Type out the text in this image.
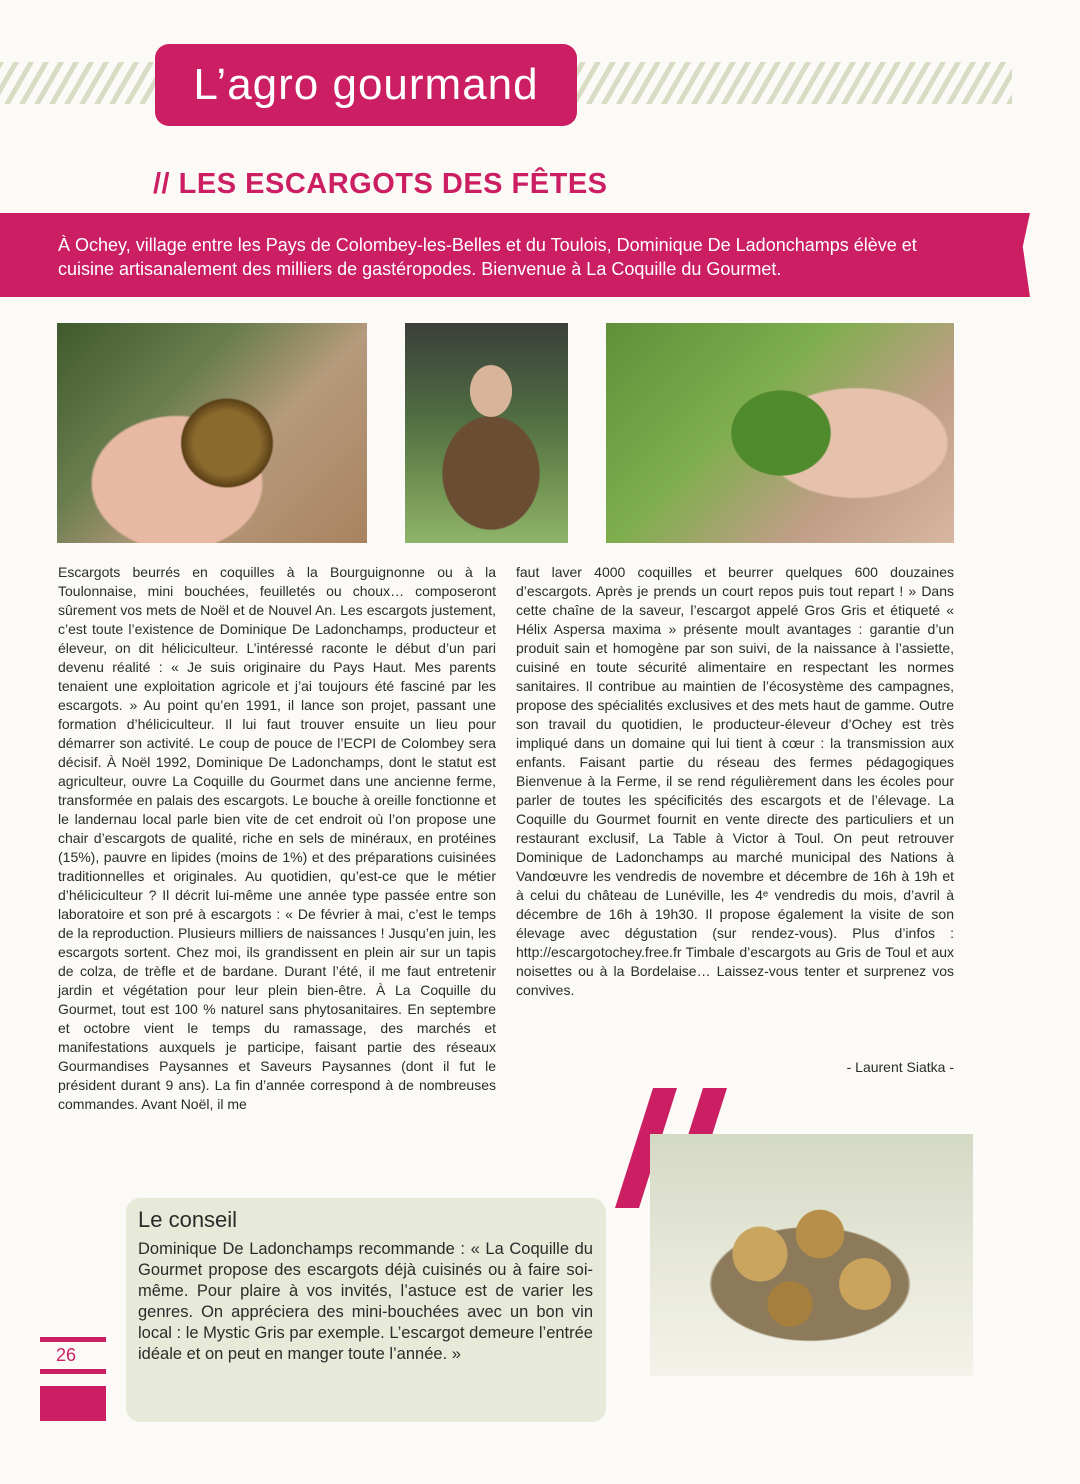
L’agro gourmand
// LES ESCARGOTS DES FÊTES
À Ochey, village entre les Pays de Colombey-les-Belles et du Toulois, Dominique De Ladonchamps élève et cuisine artisanalement des milliers de gastéropodes. Bienvenue à La Coquille du Gourmet.
Escargots beurrés en coquilles à la Bourguignonne ou à la Toulonnaise, mini bouchées, feuilletés ou choux… composeront sûrement vos mets de Noël et de Nouvel An. Les escargots justement, c’est toute l’existence de Dominique De Ladonchamps, producteur et éleveur, on dit héliciculteur. L’intéressé raconte le début d’un pari devenu réalité : « Je suis originaire du Pays Haut. Mes parents tenaient une exploitation agricole et j’ai toujours été fasciné par les escargots. » Au point qu’en 1991, il lance son projet, passant une formation d’héliciculteur. Il lui faut trouver ensuite un lieu pour démarrer son activité. Le coup de pouce de l’ECPI de Colombey sera décisif. À Noël 1992, Dominique De Ladonchamps, dont le statut est agriculteur, ouvre La Coquille du Gourmet dans une ancienne ferme, transformée en palais des escargots. Le bouche à oreille fonctionne et le landernau local parle bien vite de cet endroit où l’on propose une chair d’escargots de qualité, riche en sels de minéraux, en protéines (15%), pauvre en lipides (moins de 1%) et des préparations cuisinées traditionnelles et originales. Au quotidien, qu’est-ce que le métier d’héliciculteur ? Il décrit lui-même une année type passée entre son laboratoire et son pré à escargots : « De février à mai, c’est le temps de la reproduction. Plusieurs milliers de naissances ! Jusqu’en juin, les escargots sortent. Chez moi, ils grandissent en plein air sur un tapis de colza, de trèfle et de bardane. Durant l’été, il me faut entretenir jardin et végétation pour leur plein bien-être. À La Coquille du Gourmet, tout est 100 % naturel sans phytosanitaires. En septembre et octobre vient le temps du ramassage, des marchés et manifestations auxquels je participe, faisant partie des réseaux Gourmandises Paysannes et Saveurs Paysannes (dont il fut le président durant 9 ans). La fin d’année correspond à de nombreuses commandes. Avant Noël, il me
faut laver 4000 coquilles et beurrer quelques 600 douzaines d’escargots. Après je prends un court repos puis tout repart ! » Dans cette chaîne de la saveur, l’escargot appelé Gros Gris et étiqueté « Hélix Aspersa maxima » présente moult avantages : garantie d’un produit sain et homogène par son suivi, de la naissance à l’assiette, cuisiné en toute sécurité alimentaire en respectant les normes sanitaires. Il contribue au maintien de l’écosystème des campagnes, propose des spécialités exclusives et des mets haut de gamme. Outre son travail du quotidien, le producteur-éleveur d’Ochey est très impliqué dans un domaine qui lui tient à cœur : la transmission aux enfants. Faisant partie du réseau des fermes pédagogiques Bienvenue à la Ferme, il se rend régulièrement dans les écoles pour parler de toutes les spécificités des escargots et de l’élevage. La Coquille du Gourmet fournit en vente directe des particuliers et un restaurant exclusif, La Table à Victor à Toul. On peut retrouver Dominique de Ladonchamps au marché municipal des Nations à Vandœuvre les vendredis de novembre et décembre de 16h à 19h et à celui du château de Lunéville, les 4ᵉ vendredis du mois, d’avril à décembre de 16h à 19h30. Il propose également la visite de son élevage avec dégustation (sur rendez-vous). Plus d’infos : http://escargotochey.free.fr Timbale d’escargots au Gris de Toul et aux noisettes ou à la Bordelaise… Laissez-vous tenter et surprenez vos convives.
- Laurent Siatka -
Le conseil
Dominique De Ladonchamps recommande : « La Coquille du Gourmet propose des escargots déjà cuisinés ou à faire soi-même. Pour plaire à vos invités, l’astuce est de varier les genres. On appréciera des mini-bouchées avec un bon vin local : le Mystic Gris par exemple. L’escargot demeure l’entrée idéale et on peut en manger toute l’année. »
26
